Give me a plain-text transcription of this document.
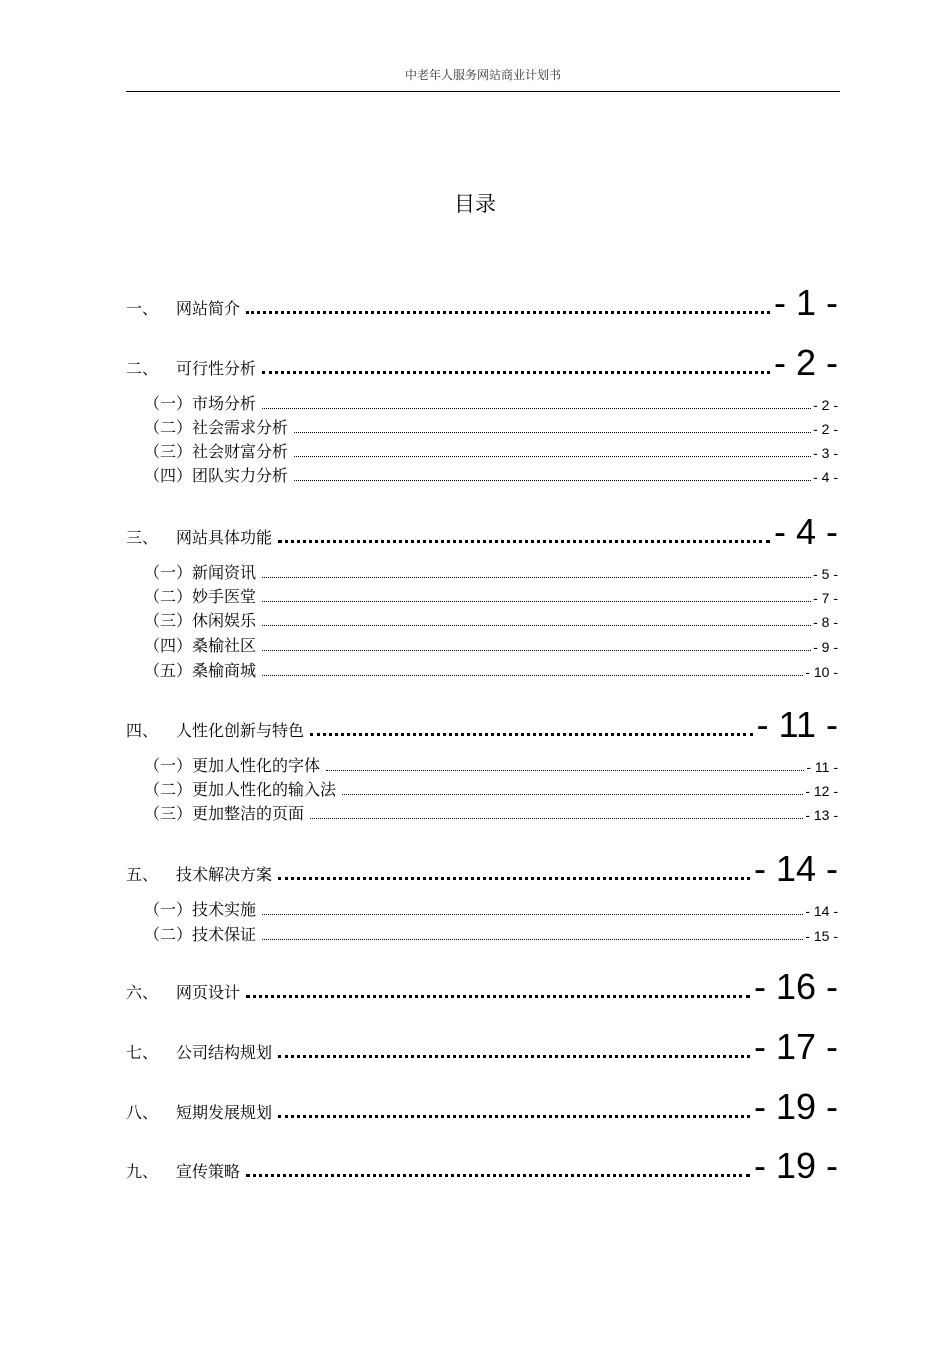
中老年人服务网站商业计划书
目录
一、 网站简介	- 1 -
二、 可行性分析	- 2 -
（一）市场分析	- 2 -
（二）社会需求分析	- 2 -
（三）社会财富分析	- 3 -
（四）团队实力分析	- 4 -
三、 网站具体功能	- 4 -
（一）新闻资讯	- 5 -
（二）妙手医堂	- 7 -
（三）休闲娱乐	- 8 -
（四）桑榆社区	- 9 -
（五）桑榆商城	- 10 -
四、 人性化创新与特色	- 11 -
（一）更加人性化的字体	- 11 -
（二）更加人性化的输入法	- 12 -
（三）更加整洁的页面	- 13 -
五、 技术解决方案	- 14 -
（一）技术实施	- 14 -
（二）技术保证	- 15 -
六、 网页设计	- 16 -
七、 公司结构规划	- 17 -
八、 短期发展规划	- 19 -
九、 宣传策略	- 19 -
